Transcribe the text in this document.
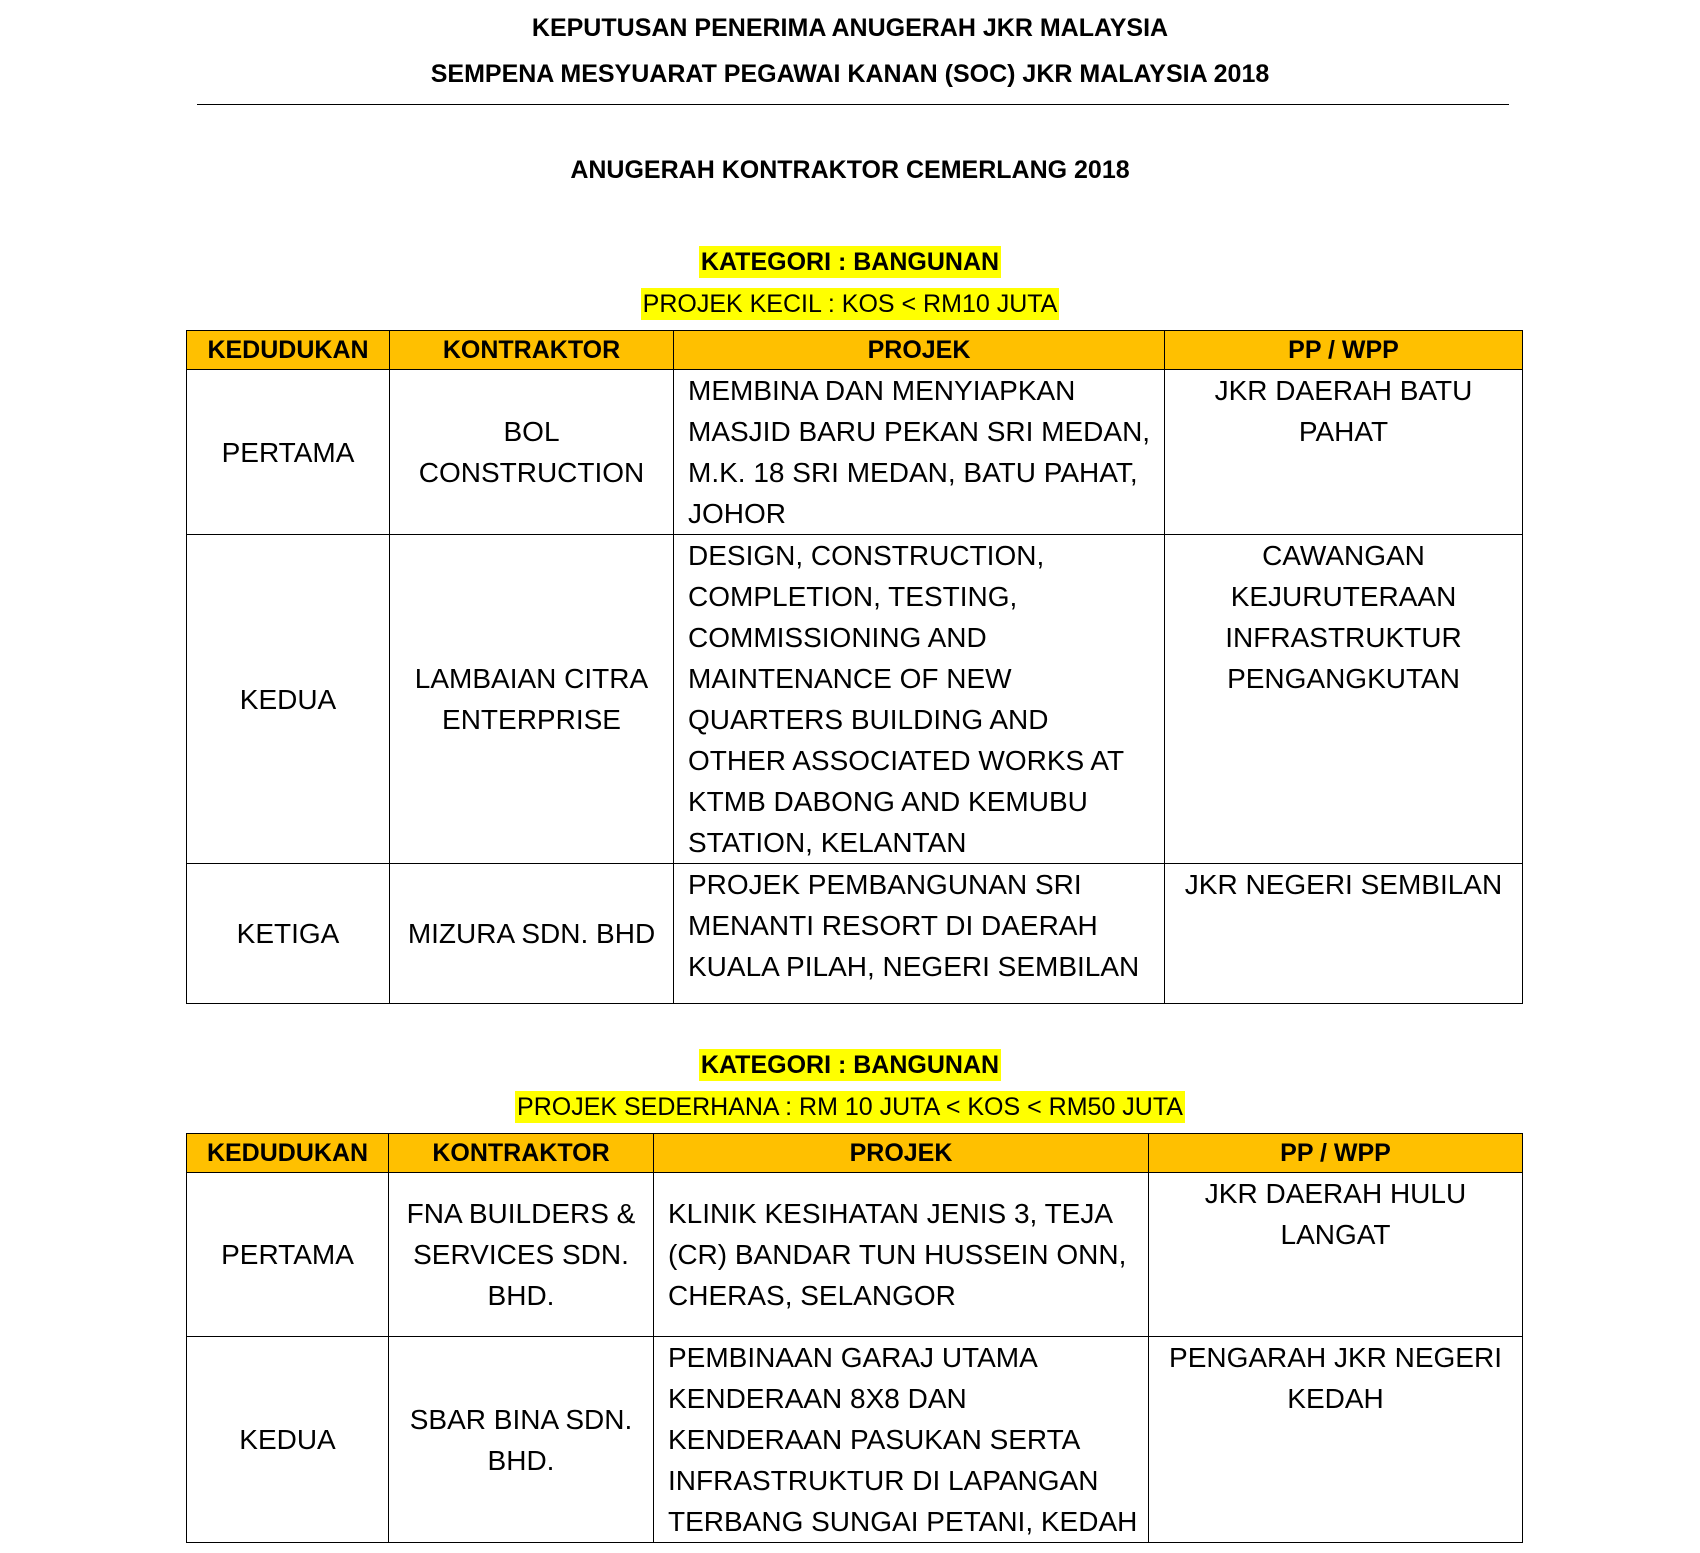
KEPUTUSAN PENERIMA ANUGERAH JKR MALAYSIA
SEMPENA MESYUARAT PEGAWAI KANAN (SOC) JKR MALAYSIA 2018
ANUGERAH KONTRAKTOR CEMERLANG 2018
KATEGORI : BANGUNAN
PROJEK KECIL : KOS < RM10 JUTA
KEDUDUKAN	KONTRAKTOR	PROJEK	PP / WPP
PERTAMA	BOL CONSTRUCTION	MEMBINA DAN MENYIAPKAN MASJID BARU PEKAN SRI MEDAN, M.K. 18 SRI MEDAN, BATU PAHAT, JOHOR	JKR DAERAH BATU PAHAT
KEDUA	LAMBAIAN CITRA ENTERPRISE	DESIGN, CONSTRUCTION, COMPLETION, TESTING, COMMISSIONING AND MAINTENANCE OF NEW QUARTERS BUILDING AND OTHER ASSOCIATED WORKS AT KTMB DABONG AND KEMUBU STATION, KELANTAN	CAWANGAN KEJURUTERAAN INFRASTRUKTUR PENGANGKUTAN
KETIGA	MIZURA SDN. BHD	PROJEK PEMBANGUNAN SRI MENANTI RESORT DI DAERAH KUALA PILAH, NEGERI SEMBILAN	JKR NEGERI SEMBILAN
KATEGORI : BANGUNAN
PROJEK SEDERHANA : RM 10 JUTA < KOS < RM50 JUTA
KEDUDUKAN	KONTRAKTOR	PROJEK	PP / WPP
PERTAMA	FNA BUILDERS & SERVICES SDN. BHD.	KLINIK KESIHATAN JENIS 3, TEJA (CR) BANDAR TUN HUSSEIN ONN, CHERAS, SELANGOR	JKR DAERAH HULU LANGAT
KEDUA	SBAR BINA SDN. BHD.	PEMBINAAN GARAJ UTAMA KENDERAAN 8X8 DAN KENDERAAN PASUKAN SERTA INFRASTRUKTUR DI LAPANGAN TERBANG SUNGAI PETANI, KEDAH	PENGARAH JKR NEGERI KEDAH
